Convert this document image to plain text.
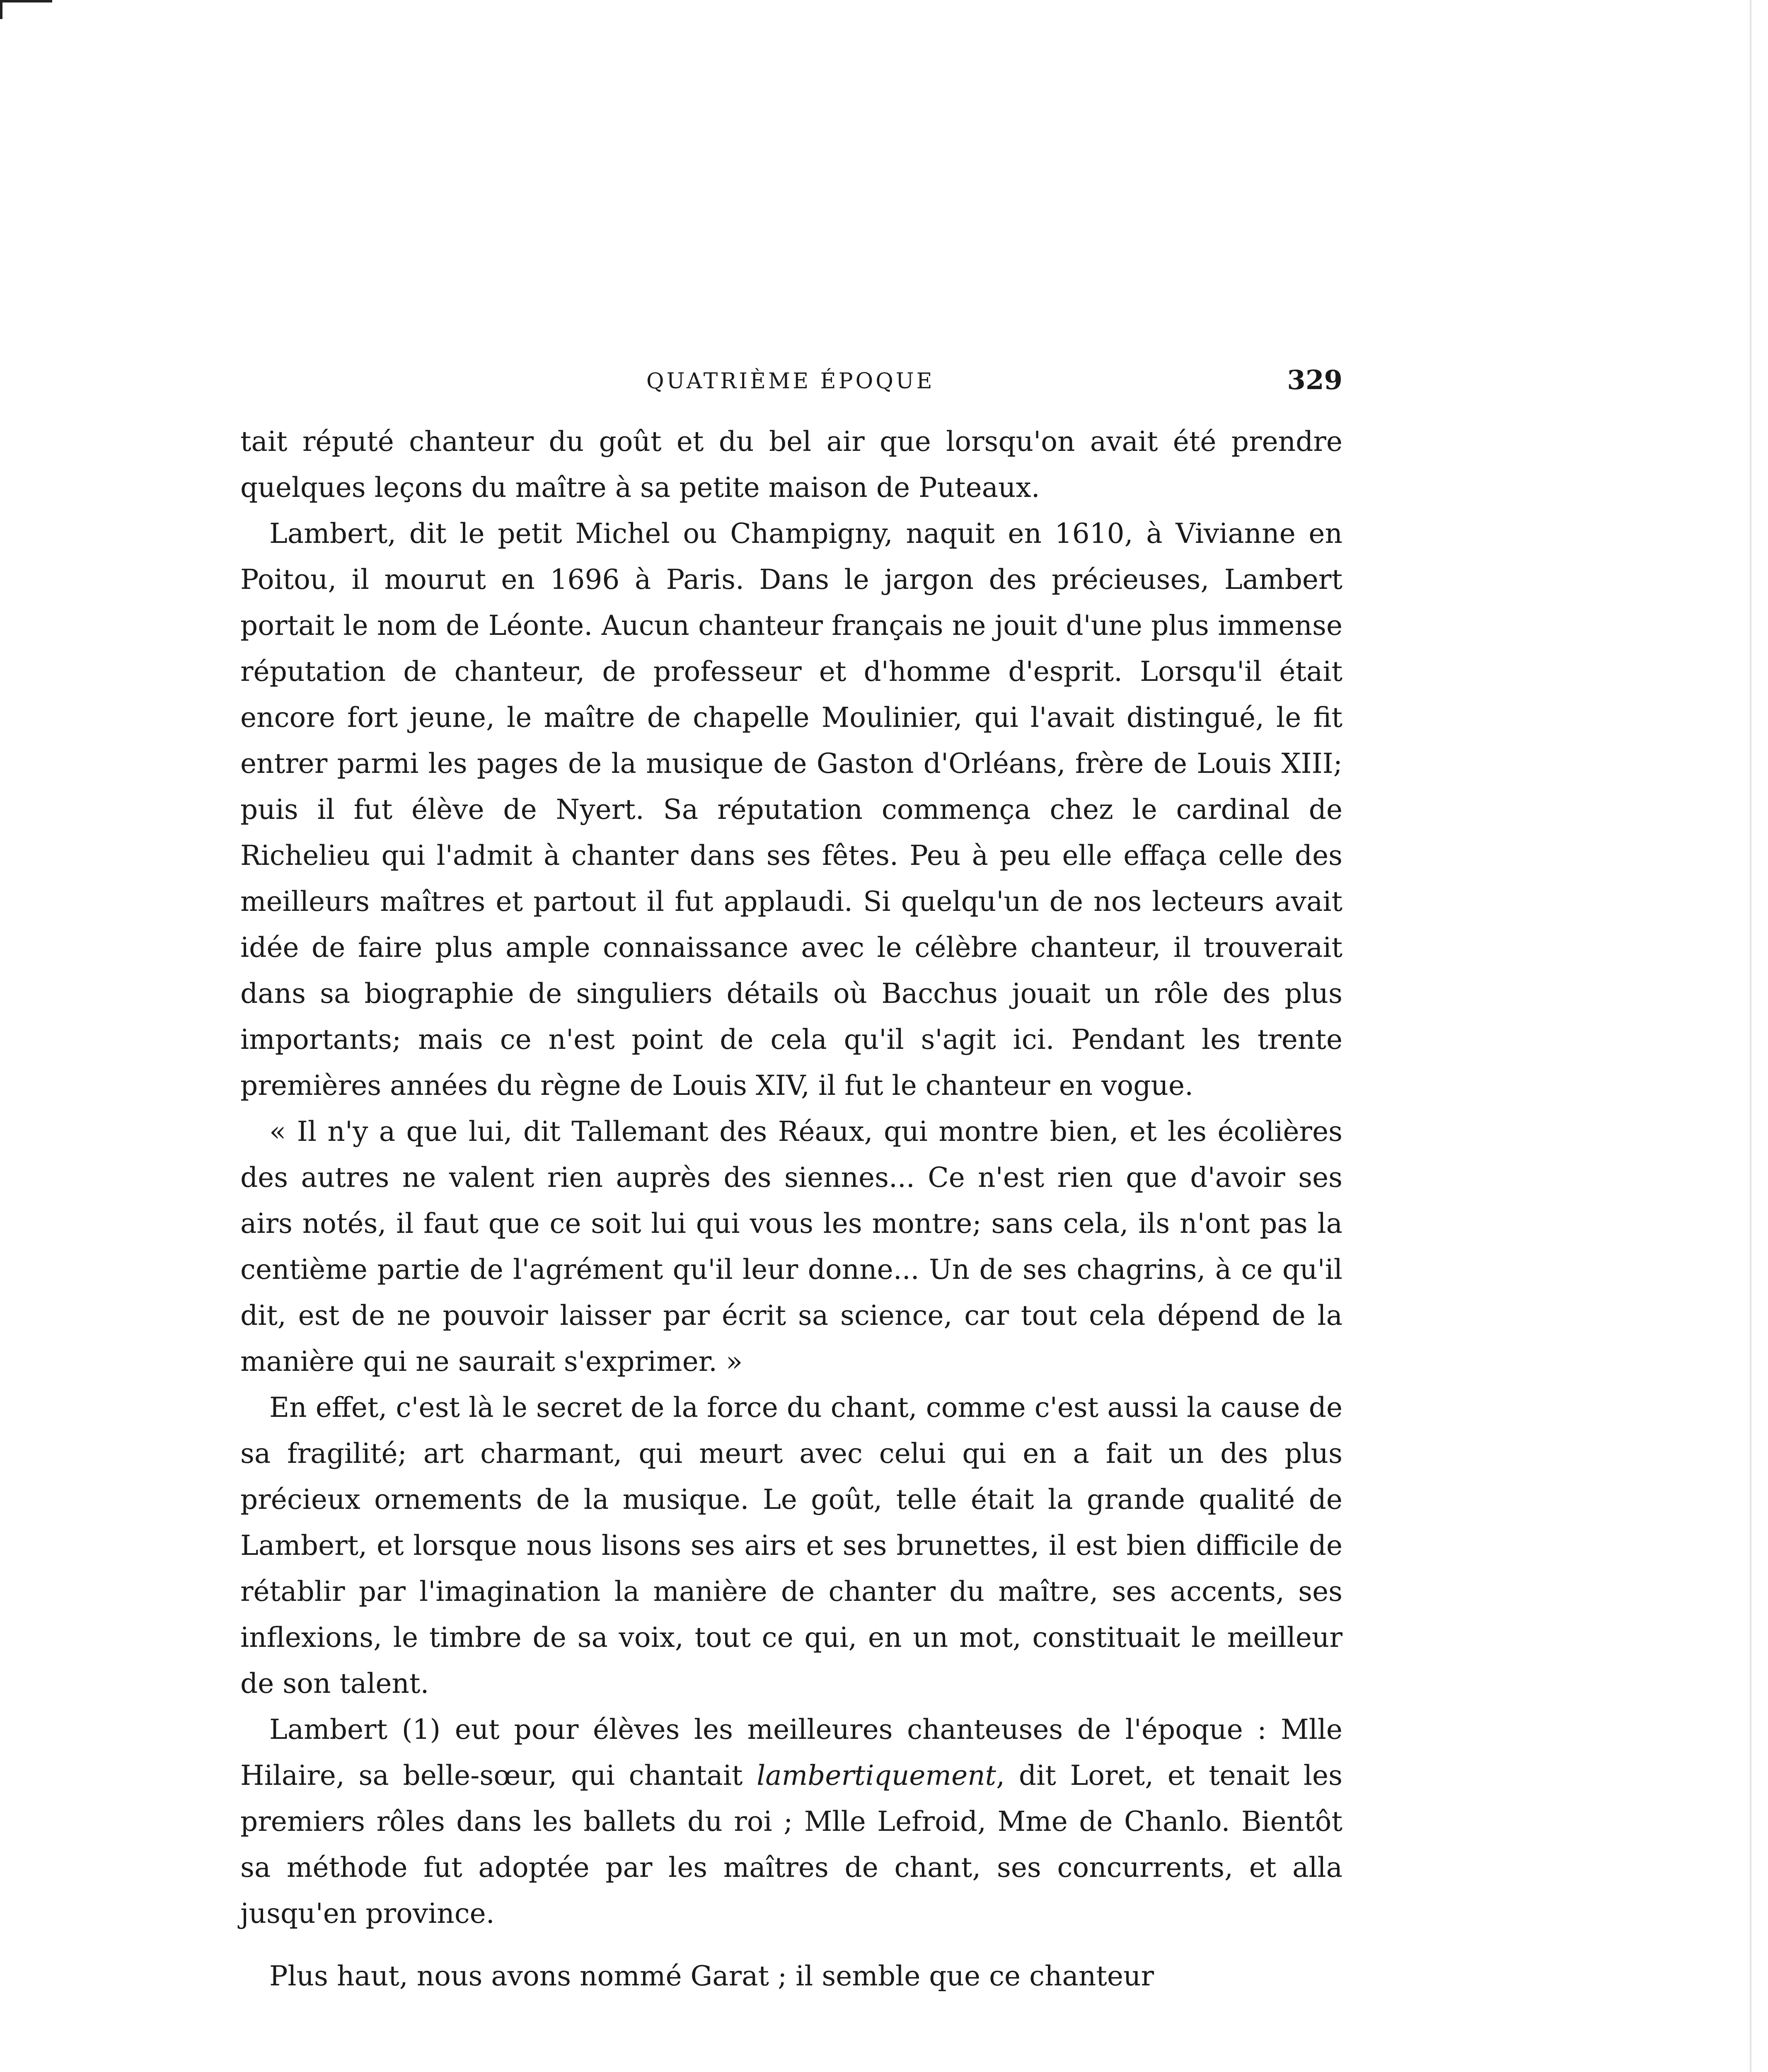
QUATRIÈME ÉPOQUE	329

tait réputé chanteur du goût et du bel air que lorsqu'on avait été prendre quelques leçons du maître à sa petite maison de Puteaux.

Lambert, dit le petit Michel ou Champigny, naquit en 1610, à Vivianne en Poitou, il mourut en 1696 à Paris. Dans le jargon des précieuses, Lambert portait le nom de Léonte. Aucun chanteur français ne jouit d'une plus immense réputation de chanteur, de professeur et d'homme d'esprit. Lorsqu'il était encore fort jeune, le maître de chapelle Moulinier, qui l'avait distingué, le fit entrer parmi les pages de la musique de Gaston d'Orléans, frère de Louis XIII; puis il fut élève de Nyert. Sa réputation commença chez le cardinal de Richelieu qui l'admit à chanter dans ses fêtes. Peu à peu elle effaça celle des meilleurs maîtres et partout il fut applaudi. Si quelqu'un de nos lecteurs avait idée de faire plus ample connaissance avec le célèbre chanteur, il trouverait dans sa biographie de singuliers détails où Bacchus jouait un rôle des plus importants; mais ce n'est point de cela qu'il s'agit ici. Pendant les trente premières années du règne de Louis XIV, il fut le chanteur en vogue.

« Il n'y a que lui, dit Tallemant des Réaux, qui montre bien, et les écolières des autres ne valent rien auprès des siennes... Ce n'est rien que d'avoir ses airs notés, il faut que ce soit lui qui vous les montre; sans cela, ils n'ont pas la centième partie de l'agrément qu'il leur donne... Un de ses chagrins, à ce qu'il dit, est de ne pouvoir laisser par écrit sa science, car tout cela dépend de la manière qui ne saurait s'exprimer. »

En effet, c'est là le secret de la force du chant, comme c'est aussi la cause de sa fragilité; art charmant, qui meurt avec celui qui en a fait un des plus précieux ornements de la musique. Le goût, telle était la grande qualité de Lambert, et lorsque nous lisons ses airs et ses brunettes, il est bien difficile de rétablir par l'imagination la manière de chanter du maître, ses accents, ses inflexions, le timbre de sa voix, tout ce qui, en un mot, constituait le meilleur de son talent.

Lambert (1) eut pour élèves les meilleures chanteuses de l'époque : Mlle Hilaire, sa belle-sœur, qui chantait lambertiquement, dit Loret, et tenait les premiers rôles dans les ballets du roi ; Mlle Lefroid, Mme de Chanlo. Bientôt sa méthode fut adoptée par les maîtres de chant, ses concurrents, et alla jusqu'en province.

Plus haut, nous avons nommé Garat ; il semble que ce chanteur
